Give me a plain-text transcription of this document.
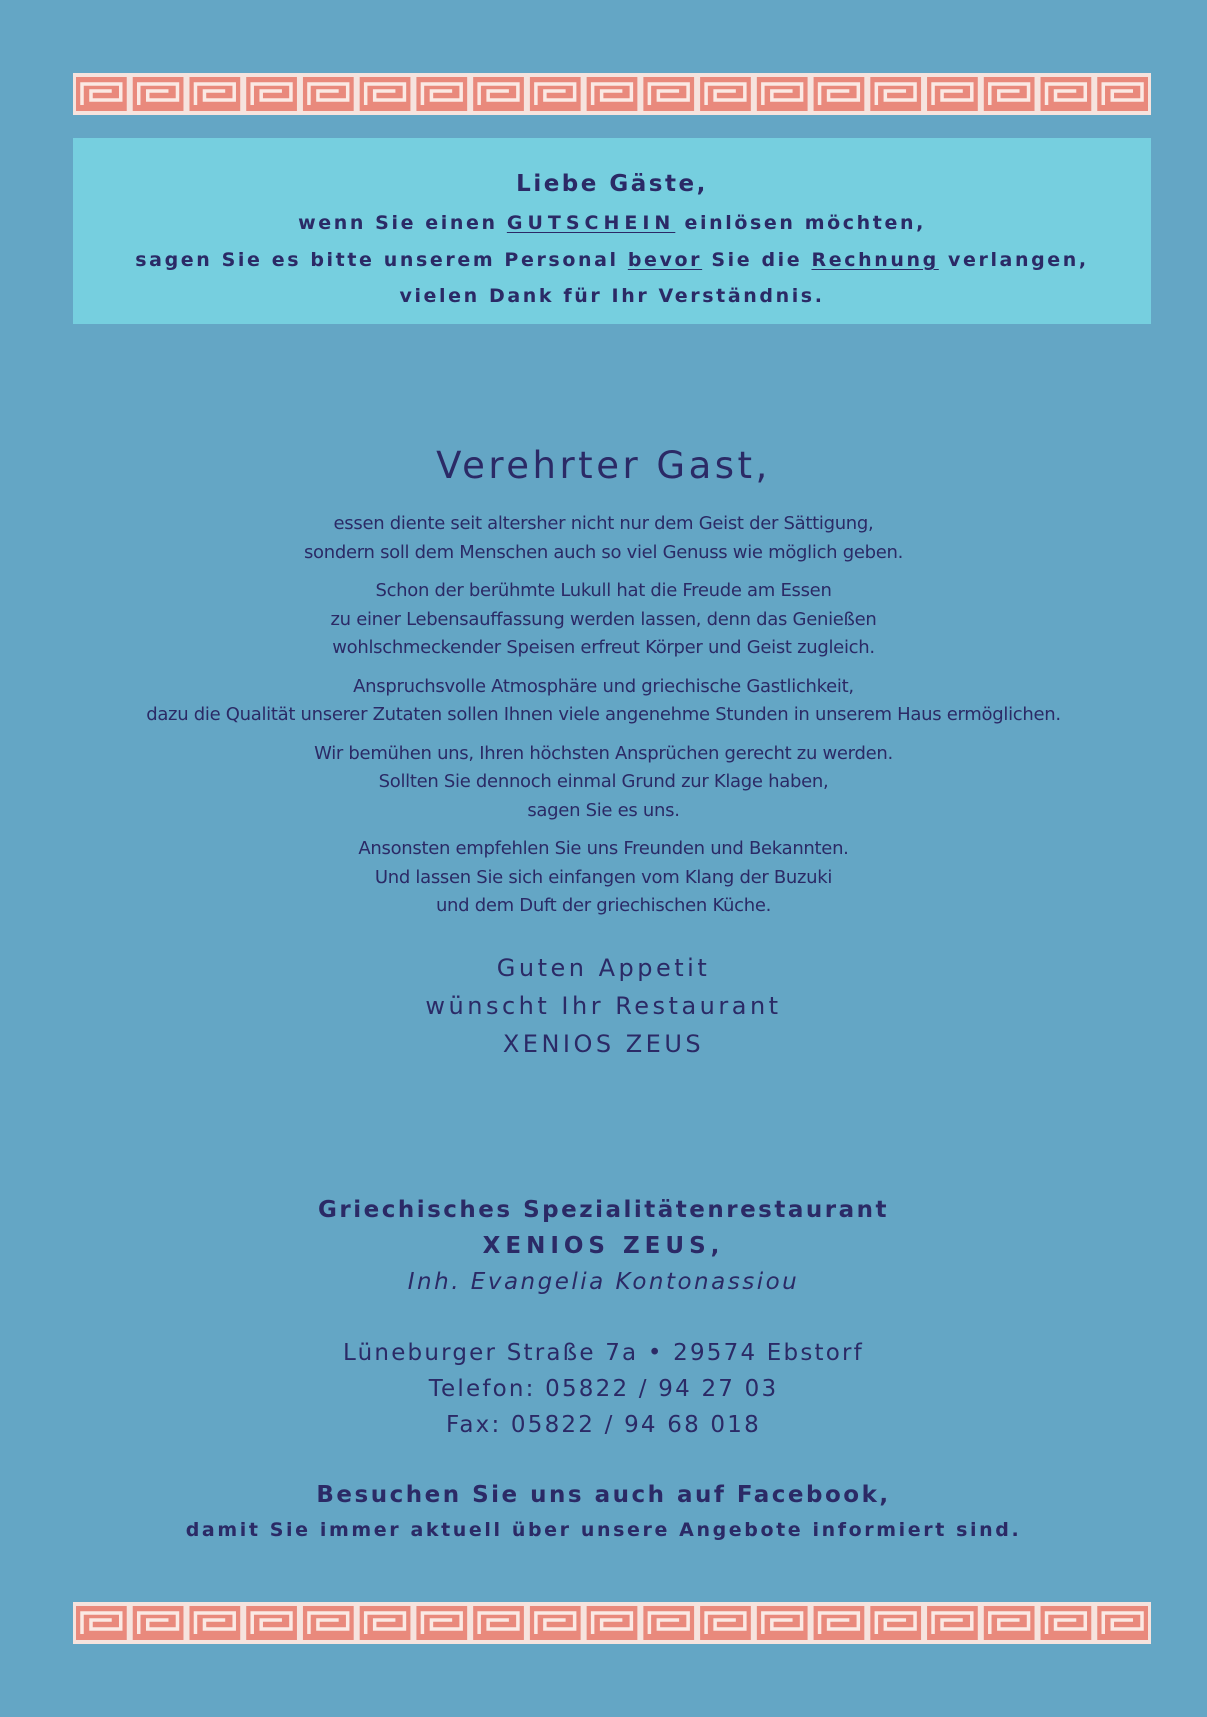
Liebe Gäste,
wenn Sie einen GUTSCHEIN einlösen möchten,
sagen Sie es bitte unserem Personal bevor Sie die Rechnung verlangen,
vielen Dank für Ihr Verständnis.
Verehrter Gast,

essen diente seit altersher nicht nur dem Geist der Sättigung,
sondern soll dem Menschen auch so viel Genuss wie möglich geben.

Schon der berühmte Lukull hat die Freude am Essen
zu einer Lebensauffassung werden lassen, denn das Genießen
wohlschmeckender Speisen erfreut Körper und Geist zugleich.

Anspruchsvolle Atmosphäre und griechische Gastlichkeit,
dazu die Qualität unserer Zutaten sollen Ihnen viele angenehme Stunden in unserem Haus ermöglichen.

Wir bemühen uns, Ihren höchsten Ansprüchen gerecht zu werden.
Sollten Sie dennoch einmal Grund zur Klage haben,
sagen Sie es uns.

Ansonsten empfehlen Sie uns Freunden und Bekannten.
Und lassen Sie sich einfangen vom Klang der Buzuki
und dem Duft der griechischen Küche.

Guten Appetit
wünscht Ihr Restaurant
XENIOS ZEUS
Griechisches Spezialitätenrestaurant
XENIOS ZEUS,
Inh. Evangelia Kontonassiou
Lüneburger Straße 7a • 29574 Ebstorf
Telefon: 05822 / 94 27 03
Fax: 05822 / 94 68 018
Besuchen Sie uns auch auf Facebook,
damit Sie immer aktuell über unsere Angebote informiert sind.
